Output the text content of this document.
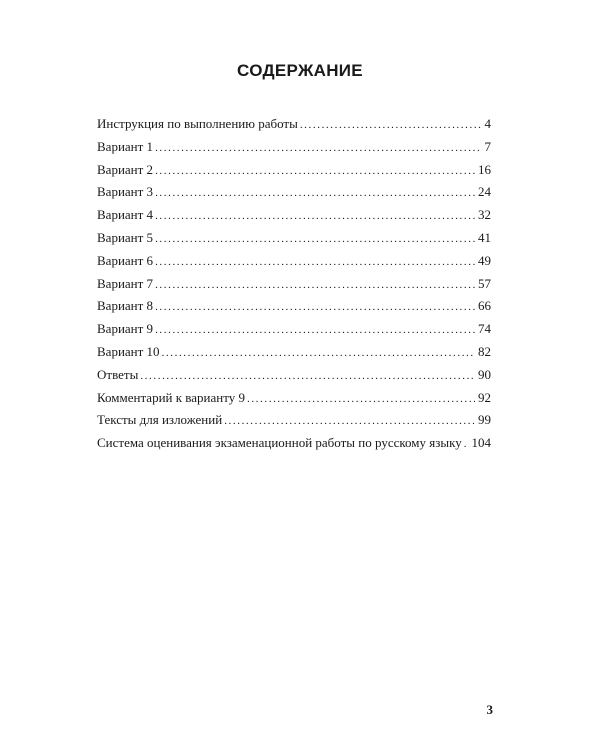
СОДЕРЖАНИЕ
Инструкция по выполнению работы .....	4
Вариант 1 .....	7
Вариант 2 .....	16
Вариант 3 .....	24
Вариант 4 .....	32
Вариант 5 .....	41
Вариант 6 .....	49
Вариант 7 .....	57
Вариант 8 .....	66
Вариант 9 .....	74
Вариант 10 .....	82
Ответы .....	90
Комментарий к варианту 9 .....	92
Тексты для изложений .....	99
Система оценивания экзаменационной работы по русскому языку ..... 104
3
